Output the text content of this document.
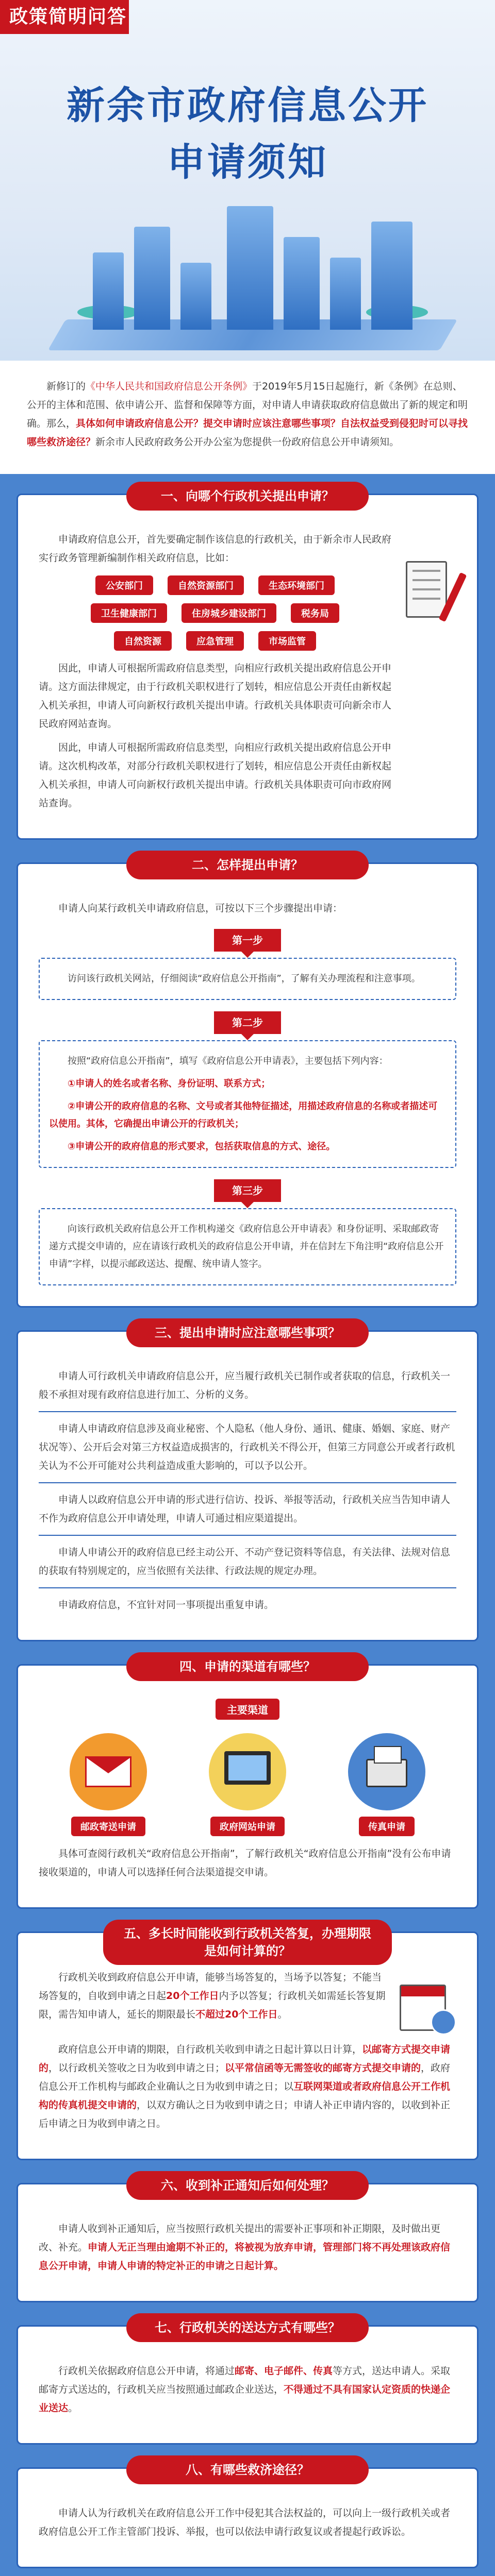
政策简明问答
新余市政府信息公开
申请须知
新修订的《中华人民共和国政府信息公开条例》于2019年5月15日起施行，新《条例》在总则、公开的主体和范围、依申请公开、监督和保障等方面，对申请人申请获取政府信息做出了新的规定和明确。那么，具体如何申请政府信息公开？提交申请时应该注意哪些事项？自法权益受到侵犯时可以寻找哪些救济途径？新余市人民政府政务公开办公室为您提供一份政府信息公开申请须知。
一、向哪个行政机关提出申请？
申请政府信息公开，首先要确定制作该信息的行政机关，由于新余市人民政府实行政务管理新编制作相关政府信息，比如：
公安部门	自然资源部门	生态环境部门
卫生健康部门	住房城乡建设部门	税务局
自然资源	应急管理	市场监管
因此，申请人可根据所需政府信息类型，向相应行政机关提出政府信息公开申请。这方面法律规定，由于行政机关职权进行了划转，相应信息公开责任由新权起入机关承担，申请人可向新权行政机关提出申请。行政机关具体职责可向新余市人民政府网站查询。
因此，申请人可根据所需政府信息类型，向相应行政机关提出政府信息公开申请。这次机构改革，对部分行政机关职权进行了划转，相应信息公开责任由新权起入机关承担，申请人可向新权行政机关提出申请。行政机关具体职责可向市政府网站查询。
二、怎样提出申请？
申请人向某行政机关申请政府信息，可按以下三个步骤提出申请：
第一步
访问该行政机关网站，仔细阅读“政府信息公开指南”，了解有关办理流程和注意事项。
第二步
按照“政府信息公开指南”，填写《政府信息公开申请表》，主要包括下列内容：
①申请人的姓名或者名称、身份证明、联系方式；
②申请公开的政府信息的名称、文号或者其他特征描述，用描述政府信息的名称或者描述可以使用。其体，它确提出申请公开的行政机关；
③申请公开的政府信息的形式要求，包括获取信息的方式、途径。
第三步
向该行政机关政府信息公开工作机构递交《政府信息公开申请表》和身份证明、采取邮政寄递方式提交申请的，应在请该行政机关的政府信息公开申请，并在信封左下角注明“政府信息公开申请”字样，以提示邮政送达、提醒、统申请人签字。
三、提出申请时应注意哪些事项？
申请人可行政机关申请政府信息公开，应当履行政机关已制作或者获取的信息，行政机关一般不承担对现有政府信息进行加工、分析的义务。
申请人申请政府信息涉及商业秘密、个人隐私（他人身份、通讯、健康、婚姻、家庭、财产状况等）、公开后会对第三方权益造成损害的，行政机关不得公开，但第三方同意公开或者行政机关认为不公开可能对公共利益造成重大影响的，可以予以公开。
申请人以政府信息公开申请的形式进行信访、投诉、举报等活动，行政机关应当告知申请人不作为政府信息公开申请处理，申请人可通过相应渠道提出。
申请人申请公开的政府信息已经主动公开、不动产登记资料等信息，有关法律、法规对信息的获取有特别规定的，应当依照有关法律、行政法规的规定办理。
申请政府信息，不宜针对同一事项提出重复申请。
四、申请的渠道有哪些？
主要渠道
邮政寄送申请	政府网站申请	传真申请
具体可查阅行政机关“政府信息公开指南”，了解行政机关“政府信息公开指南”没有公布申请接收渠道的，申请人可以选择任何合法渠道提交申请。
五、多长时间能收到行政机关答复，办理期限是如何计算的？
行政机关收到政府信息公开申请，能够当场答复的，当场予以答复；不能当场答复的，自收到申请之日起20个工作日内予以答复；行政机关如需延长答复期限，需告知申请人，延长的期限最长不超过20个工作日。
政府信息公开申请的期限，自行政机关收到申请之日起计算以日计算，以邮寄方式提交申请的，以行政机关签收之日为收到申请之日；以平常信函等无需签收的邮寄方式提交申请的，政府信息公开工作机构与邮政企业确认之日为收到申请之日；以互联网渠道或者政府信息公开工作机构的传真机提交申请的，以双方确认之日为收到申请之日；申请人补正申请内容的，以收到补正后申请之日为收到申请之日。
六、收到补正通知后如何处理？
申请人收到补正通知后，应当按照行政机关提出的需要补正事项和补正期限，及时做出更改、补充。申请人无正当理由逾期不补正的，将被视为放弃申请，管理部门将不再处理该政府信息公开申请，申请人申请的特定补正的申请之日起计算。
七、行政机关的送达方式有哪些？
行政机关依据政府信息公开申请，将通过邮寄、电子邮件、传真等方式，送达申请人。采取邮寄方式送达的，行政机关应当按照通过邮政企业送达，不得通过不具有国家认定资质的快递企业送达。
八、有哪些救济途径？
申请人认为行政机关在政府信息公开工作中侵犯其合法权益的，可以向上一级行政机关或者政府信息公开工作主管部门投诉、举报，也可以依法申请行政复议或者提起行政诉讼。
